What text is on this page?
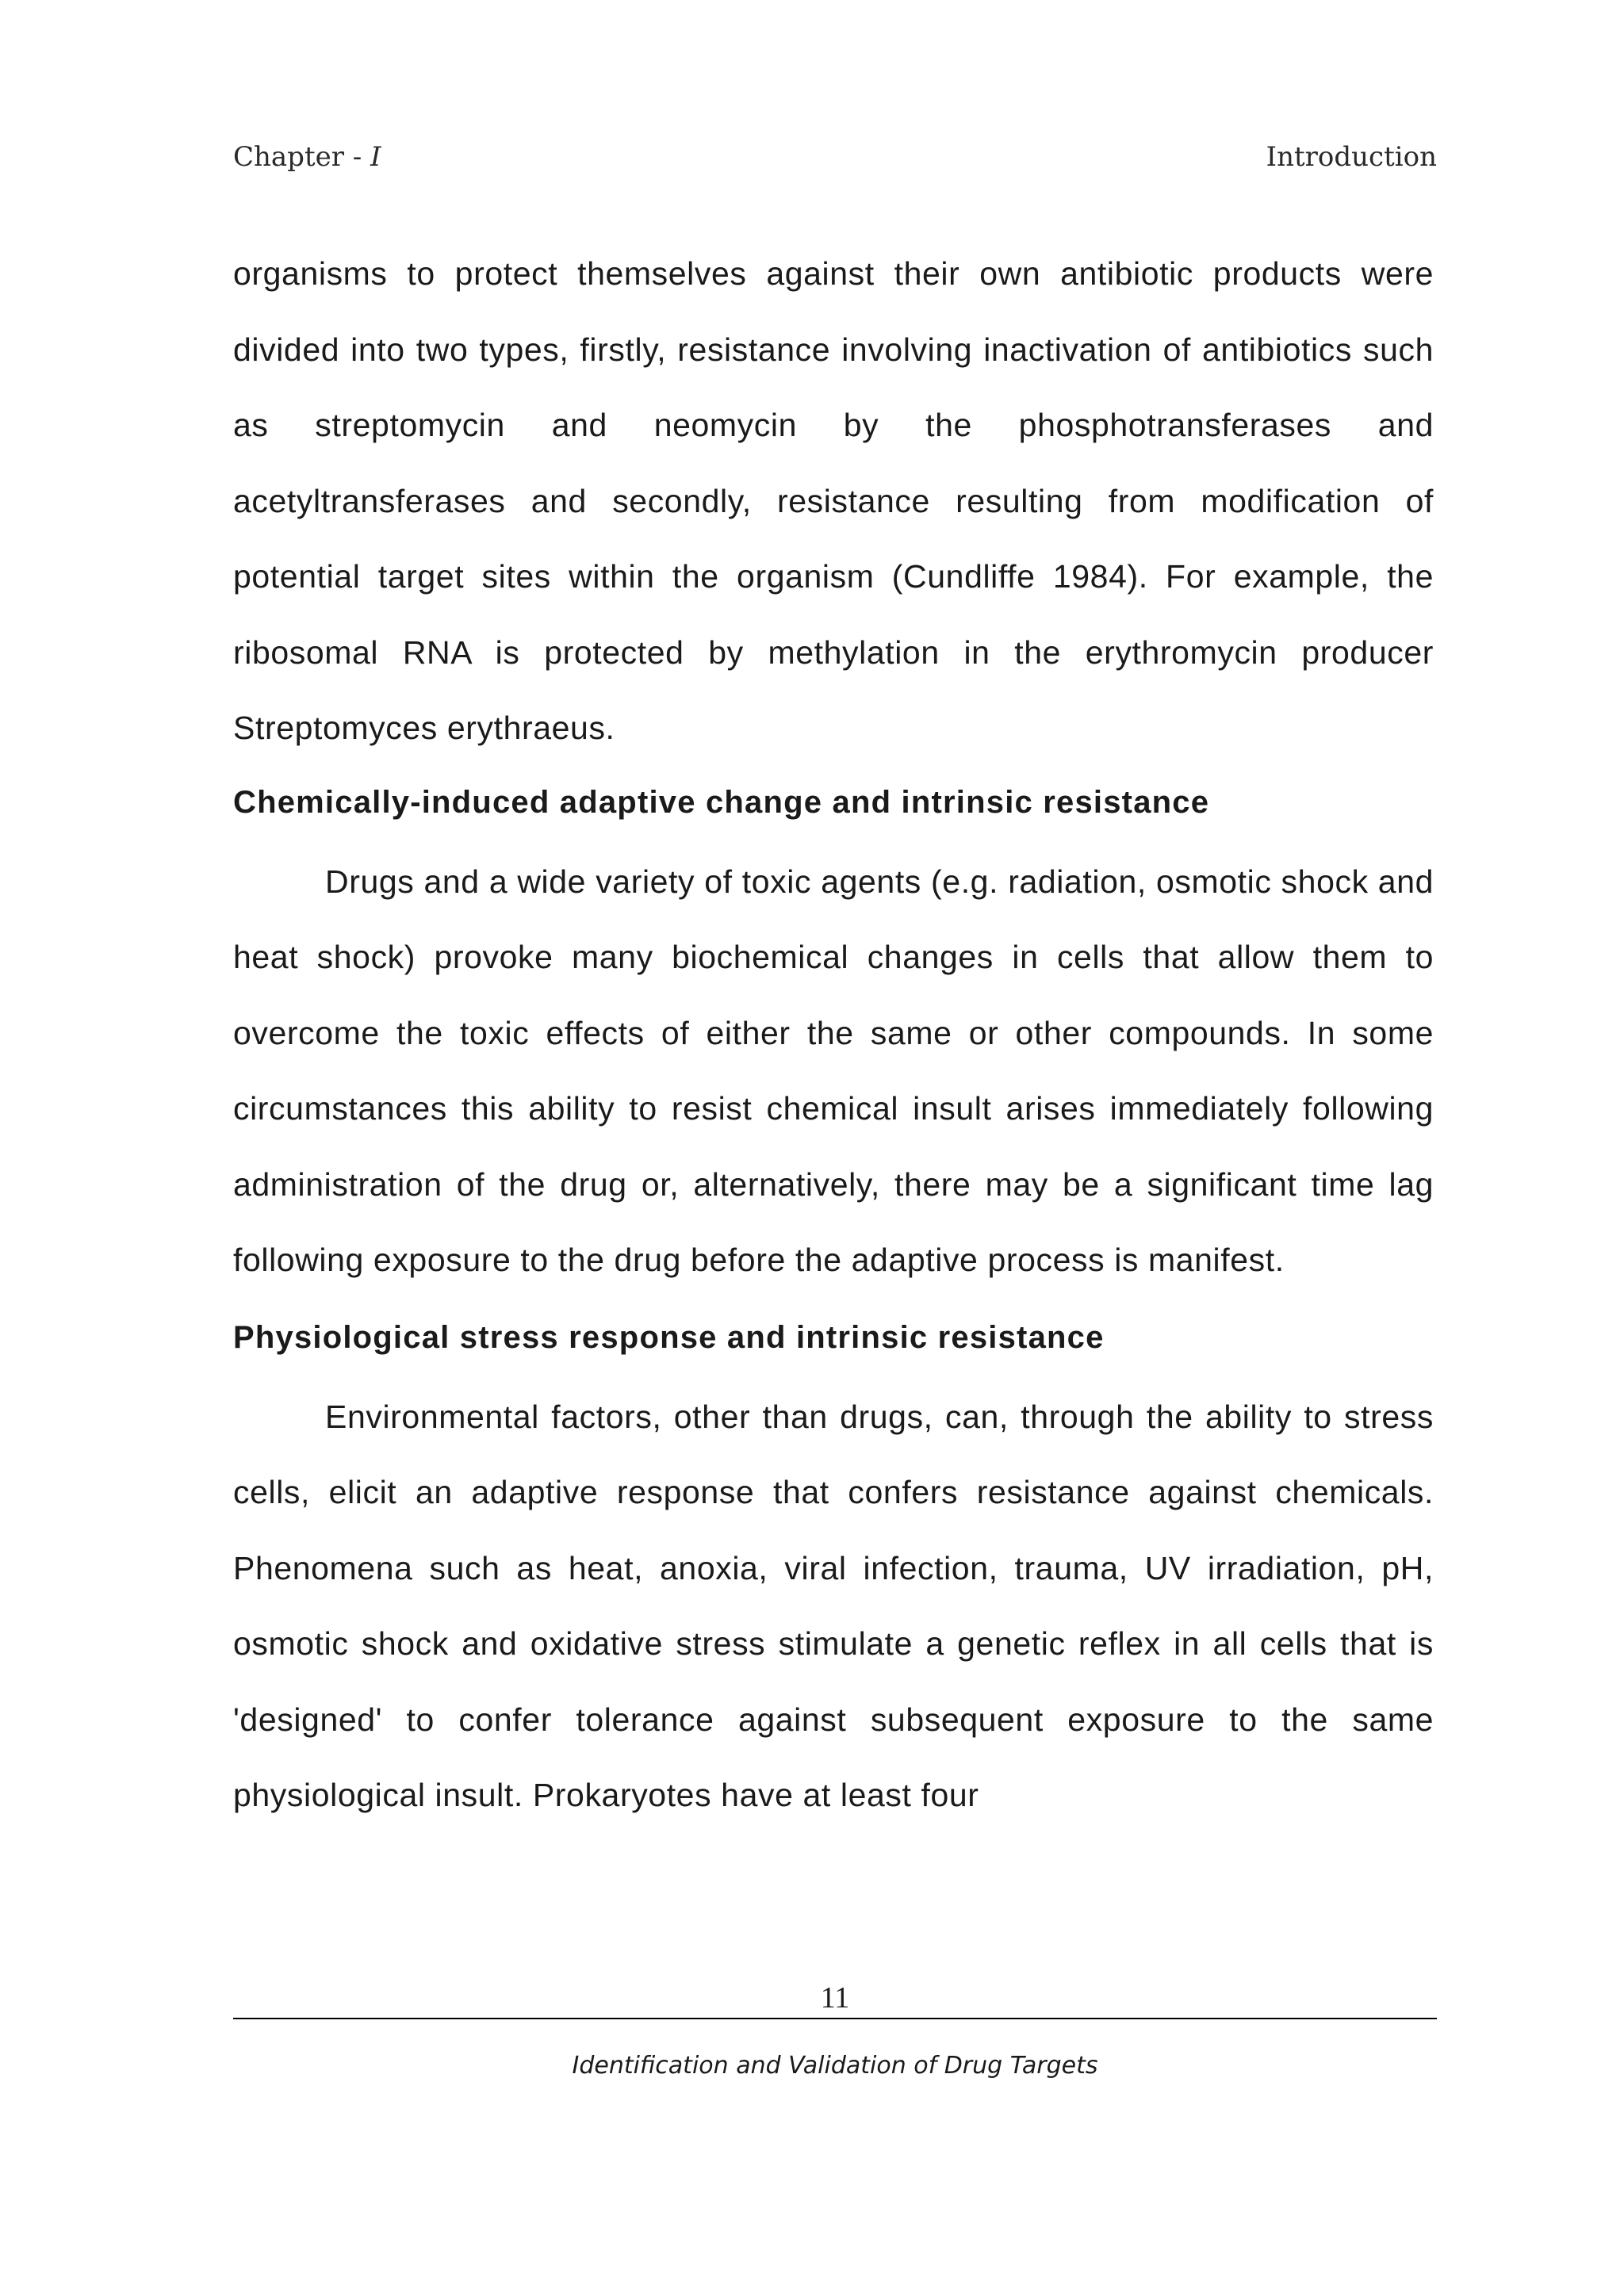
Chapter - I	Introduction

organisms to protect themselves against their own antibiotic products were divided into two types, firstly, resistance involving inactivation of antibiotics such as streptomycin and neomycin by the phosphotransferases and acetyltransferases and secondly, resistance resulting from modification of potential target sites within the organism (Cundliffe 1984). For example, the ribosomal RNA is protected by methylation in the erythromycin producer Streptomyces erythraeus.

Chemically-induced adaptive change and intrinsic resistance

Drugs and a wide variety of toxic agents (e.g. radiation, osmotic shock and heat shock) provoke many biochemical changes in cells that allow them to overcome the toxic effects of either the same or other compounds. In some circumstances this ability to resist chemical insult arises immediately following administration of the drug or, alternatively, there may be a significant time lag following exposure to the drug before the adaptive process is manifest.

Physiological stress response and intrinsic resistance

Environmental factors, other than drugs, can, through the ability to stress cells, elicit an adaptive response that confers resistance against chemicals. Phenomena such as heat, anoxia, viral infection, trauma, UV irradiation, pH, osmotic shock and oxidative stress stimulate a genetic reflex in all cells that is 'designed' to confer tolerance against subsequent exposure to the same physiological insult. Prokaryotes have at least four

11
Identification and Validation of Drug Targets
